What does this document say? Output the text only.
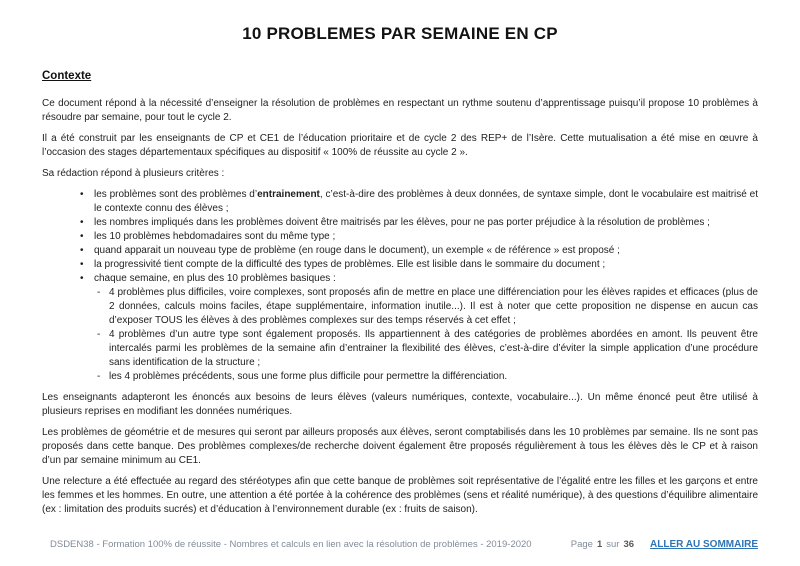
10 PROBLEMES PAR SEMAINE EN CP
Contexte

Ce document répond à la nécessité d’enseigner la résolution de problèmes en respectant un rythme soutenu d’apprentissage puisqu’il propose 10 problèmes à résoudre par semaine, pour tout le cycle 2.

Il a été construit par les enseignants de CP et CE1 de l’éducation prioritaire et de cycle 2 des REP+ de l’Isère. Cette mutualisation a été mise en œuvre à l’occasion des stages départementaux spécifiques au dispositif « 100% de réussite au cycle 2 ».

Sa rédaction répond à plusieurs critères :

•	les problèmes sont des problèmes d’entrainement, c’est-à-dire des problèmes à deux données, de syntaxe simple, dont le vocabulaire est maitrisé et le contexte connu des élèves ;
•	les nombres impliqués dans les problèmes doivent être maitrisés par les élèves, pour ne pas porter préjudice à la résolution de problèmes ;
•	les 10 problèmes hebdomadaires sont du même type ;
•	quand apparait un nouveau type de problème (en rouge dans le document), un exemple « de référence » est proposé ;
•	la progressivité tient compte de la difficulté des types de problèmes. Elle est lisible dans le sommaire du document ;
•	chaque semaine, en plus des 10 problèmes basiques :
- 4 problèmes plus difficiles, voire complexes, sont proposés afin de mettre en place une différenciation pour les élèves rapides et efficaces (plus de 2 données, calculs moins faciles, étape supplémentaire, information inutile...). Il est à noter que cette proposition ne dispense en aucun cas d’exposer TOUS les élèves à des problèmes complexes sur des temps réservés à cet effet ;
- 4 problèmes d’un autre type sont également proposés. Ils appartiennent à des catégories de problèmes abordées en amont. Ils peuvent être intercalés parmi les problèmes de la semaine afin d’entrainer la flexibilité des élèves, c’est-à-dire d’éviter la simple application d’une procédure sans identification de la structure ;
- les 4 problèmes précédents, sous une forme plus difficile pour permettre la différenciation.

Les enseignants adapteront les énoncés aux besoins de leurs élèves (valeurs numériques, contexte, vocabulaire...). Un même énoncé peut être utilisé à plusieurs reprises en modifiant les données numériques.

Les problèmes de géométrie et de mesures qui seront par ailleurs proposés aux élèves, seront comptabilisés dans les 10 problèmes par semaine. Ils ne sont pas proposés dans cette banque. Des problèmes complexes/de recherche doivent également être proposés régulièrement à tous les élèves dès le CP et à raison d’un par semaine minimum au CE1.

Une relecture a été effectuée au regard des stéréotypes afin que cette banque de problèmes soit représentative de l’égalité entre les filles et les garçons et entre les femmes et les hommes. En outre, une attention a été portée à la cohérence des problèmes (sens et réalité numérique), à des questions d’équilibre alimentaire (ex : limitation des produits sucrés) et d’éducation à l’environnement durable (ex : fruits de saison).

DSDEN38 - Formation 100% de réussite - Nombres et calculs en lien avec la résolution de problèmes - 2019-2020	Page 1 sur 36 ALLER AU SOMMAIRE
